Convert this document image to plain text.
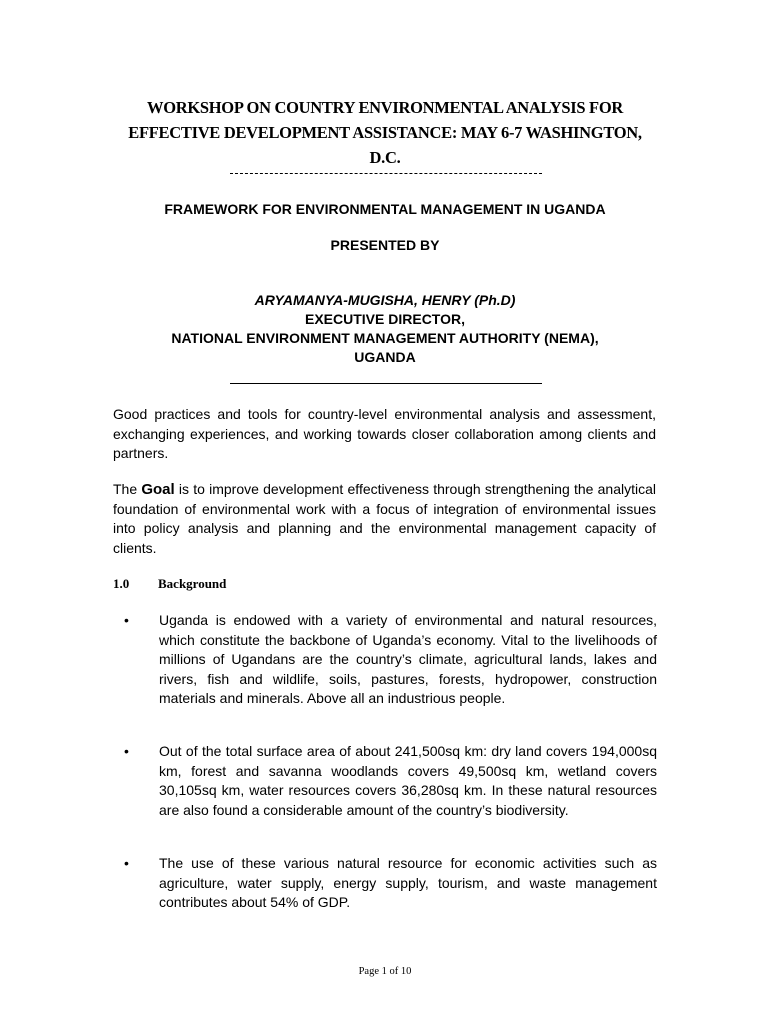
WORKSHOP ON COUNTRY ENVIRONMENTAL ANALYSIS FOR
EFFECTIVE DEVELOPMENT ASSISTANCE: MAY 6-7 WASHINGTON,
D.C.
FRAMEWORK FOR ENVIRONMENTAL MANAGEMENT IN UGANDA
PRESENTED BY
ARYAMANYA-MUGISHA, HENRY (Ph.D)
EXECUTIVE DIRECTOR,
NATIONAL ENVIRONMENT MANAGEMENT AUTHORITY (NEMA),
UGANDA

Good practices and tools for country-level environmental analysis and assessment, exchanging experiences, and working towards closer collaboration among clients and partners.

The Goal is to improve development effectiveness through strengthening the analytical foundation of environmental work with a focus of integration of environmental issues into policy analysis and planning and the environmental management capacity of clients.

1.0 Background
• Uganda is endowed with a variety of environmental and natural resources, which constitute the backbone of Uganda’s economy. Vital to the livelihoods of millions of Ugandans are the country’s climate, agricultural lands, lakes and rivers, fish and wildlife, soils, pastures, forests, hydropower, construction materials and minerals. Above all an industrious people.
• Out of the total surface area of about 241,500sq km: dry land covers 194,000sq km, forest and savanna woodlands covers 49,500sq km, wetland covers 30,105sq km, water resources covers 36,280sq km. In these natural resources are also found a considerable amount of the country’s biodiversity.
• The use of these various natural resource for economic activities such as agriculture, water supply, energy supply, tourism, and waste management contributes about 54% of GDP.
Page 1 of 10
